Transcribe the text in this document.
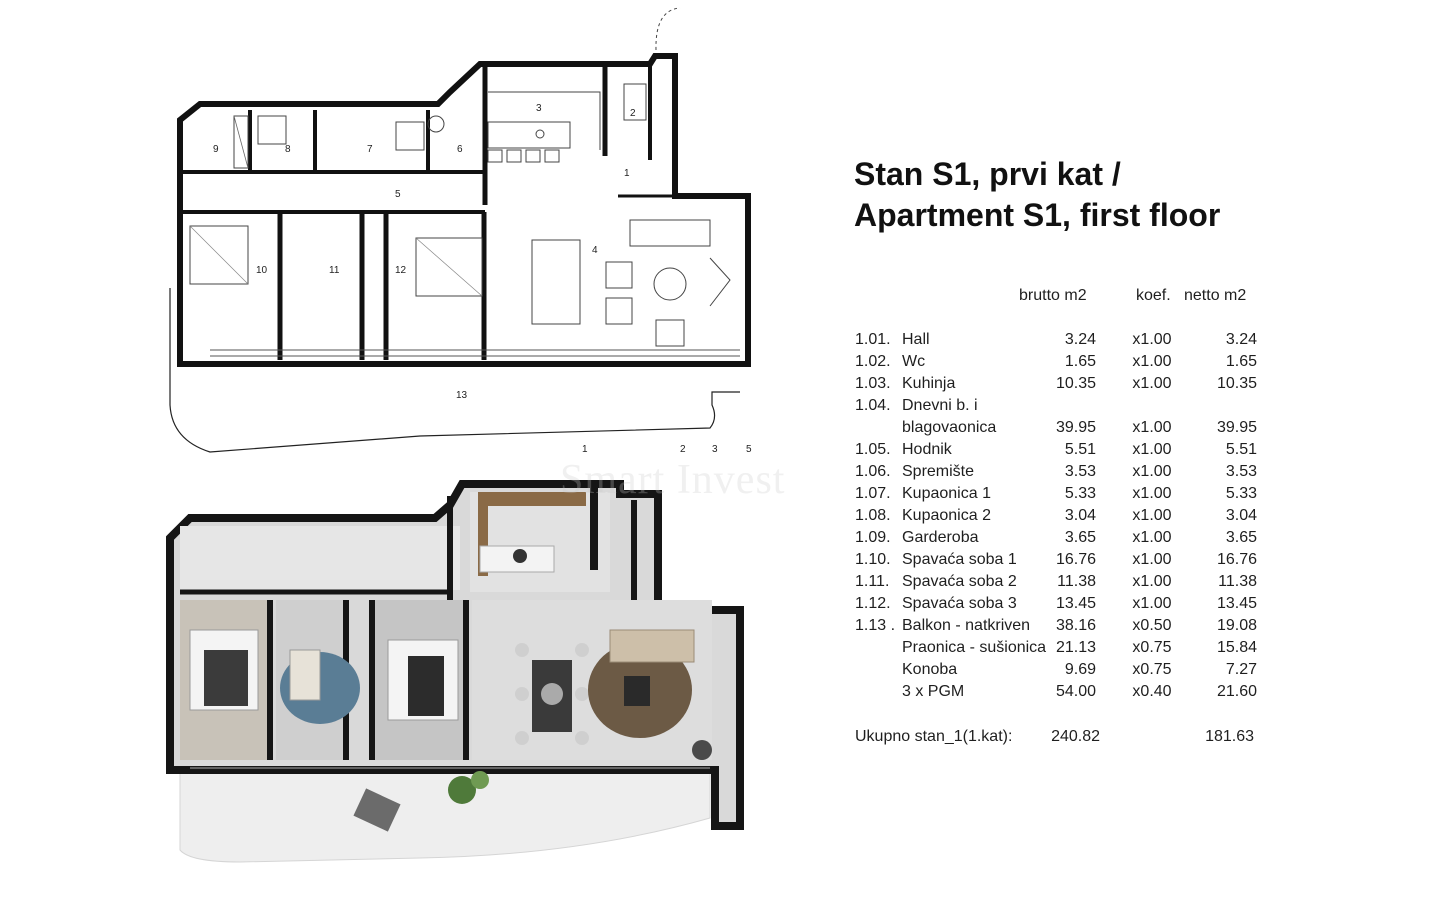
9	8	7	6
3	2
1
5
4
10	11	12
13
1	2	3	5
Smart Invest
Stan S1, prvi kat /
Apartment S1, first floor
brutto m2	koef. netto m2
1.01. Hall	3.24	x1.00	3.24
1.02. Wc	1.65	x1.00	1.65
1.03. Kuhinja	10.35	x1.00	10.35
1.04. Dnevni b. i
blagovaonica	39.95	x1.00	39.95
1.05. Hodnik	5.51	x1.00	5.51
1.06. Spremište	3.53	x1.00	3.53
1.07. Kupaonica 1	5.33	x1.00	5.33
1.08. Kupaonica 2	3.04	x1.00	3.04
1.09. Garderoba	3.65	x1.00	3.65
1.10. Spavaća soba 1	16.76	x1.00	16.76
1.11. Spavaća soba 2	11.38	x1.00	11.38
1.12. Spavaća soba 3	13.45	x1.00	13.45
1.13 . Balkon - natkriven	38.16	x0.50	19.08
Praonica - sušionica 21.13	x0.75	15.84
Konoba	9.69	x0.75	7.27
3 x PGM	54.00	x0.40	21.60
Ukupno stan_1(1.kat): 240.82	181.63
